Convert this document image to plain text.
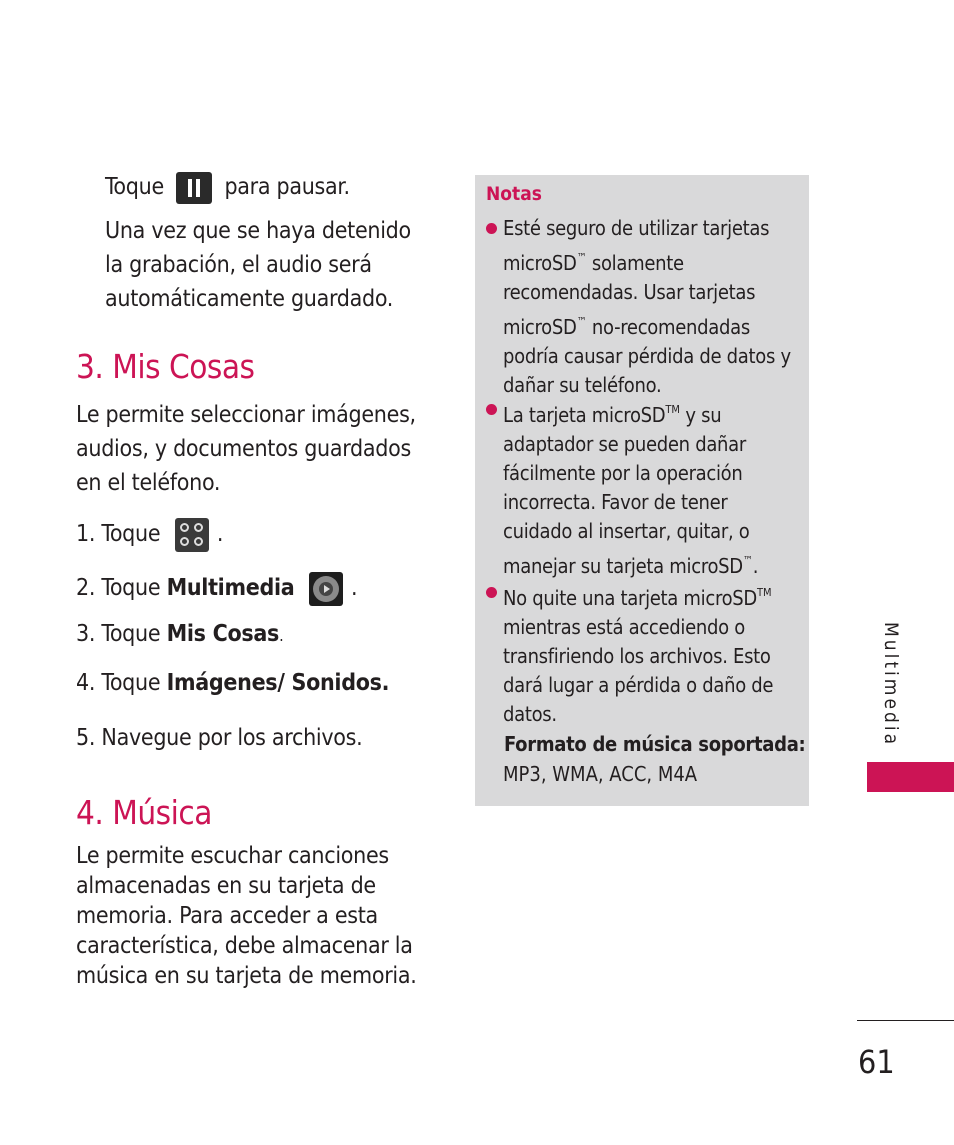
Toque	para pausar.
Una vez que se haya detenido
la grabación, el audio será
automáticamente guardado.
3. Mis Cosas
Le permite seleccionar imágenes,
audios, y documentos guardados
en el teléfono.
1. Toque .
2. Toque Multimedia .
3. Toque Mis Cosas.
4. Toque Imágenes/ Sonidos.
5. Navegue por los archivos.
4. Música
Le permite escuchar canciones
almacenadas en su tarjeta de
memoria. Para acceder a esta
característica, debe almacenar la
música en su tarjeta de memoria.
Notas
Esté seguro de utilizar tarjetas
microSD™ solamente
recomendadas. Usar tarjetas
microSD™ no-recomendadas
podría causar pérdida de datos y
dañar su teléfono.
La tarjeta microSD™ y su
adaptador se pueden dañar
fácilmente por la operación
incorrecta. Favor de tener
cuidado al insertar, quitar, o
manejar su tarjeta microSD™.
No quite una tarjeta microSD™
mientras está accediendo o
transfiriendo los archivos. Esto
dará lugar a pérdida o daño de
datos.
Formato de música soportada:
MP3, WMA, ACC, M4A
Multimedia
61
